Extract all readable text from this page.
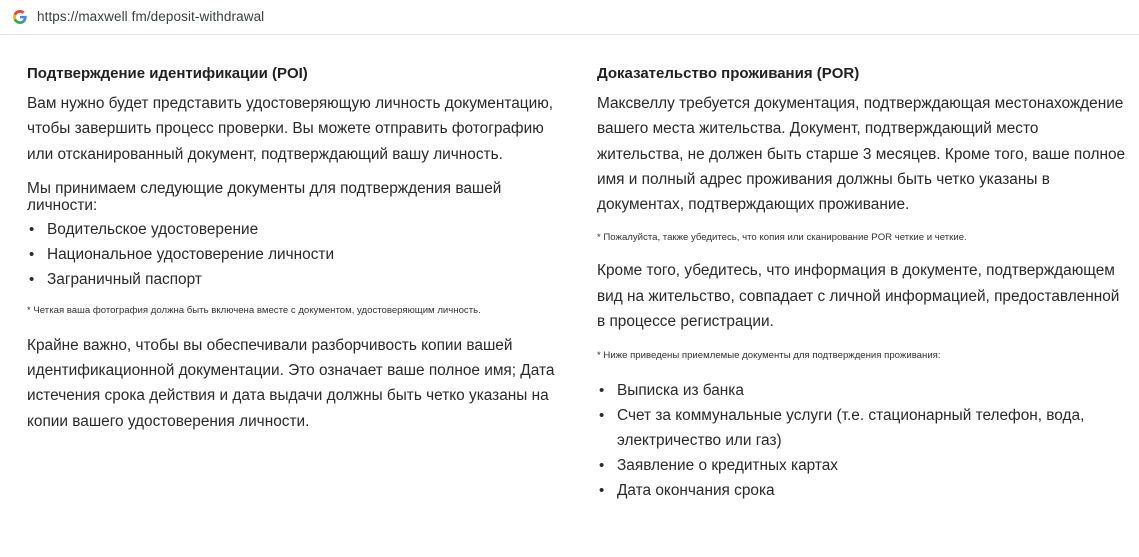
https://maxwell fm/deposit-withdrawal
Подтверждение идентификации (POI)

Вам нужно будет представить удостоверяющую личность документацию, чтобы завершить процесс проверки. Вы можете отправить фотографию или отсканированный документ, подтверждающий вашу личность.

Мы принимаем следующие документы для подтверждения вашей личности:

• Водительское удостоверение
• Национальное удостоверение личности
• Заграничный паспорт

* Четкая ваша фотография должна быть включена вместе с документом, удостоверяющим личность.

Крайне важно, чтобы вы обеспечивали разборчивость копии вашей идентификационной документации. Это означает ваше полное имя; Дата истечения срока действия и дата выдачи должны быть четко указаны на копии вашего удостоверения личности.

Доказательство проживания (POR)

Максвеллу требуется документация, подтверждающая местонахождение вашего места жительства. Документ, подтверждающий место жительства, не должен быть старше 3 месяцев. Кроме того, ваше полное имя и полный адрес проживания должны быть четко указаны в документах, подтверждающих проживание.

* Пожалуйста, также убедитесь, что копия или сканирование POR четкие и четкие.

Кроме того, убедитесь, что информация в документе, подтверждающем вид на жительство, совпадает с личной информацией, предоставленной в процессе регистрации.

* Ниже приведены приемлемые документы для подтверждения проживания:

• Выписка из банка
• Счет за коммунальные услуги (т.е. стационарный телефон, вода, электричество или газ)
• Заявление о кредитных картах
• Дата окончания срока
